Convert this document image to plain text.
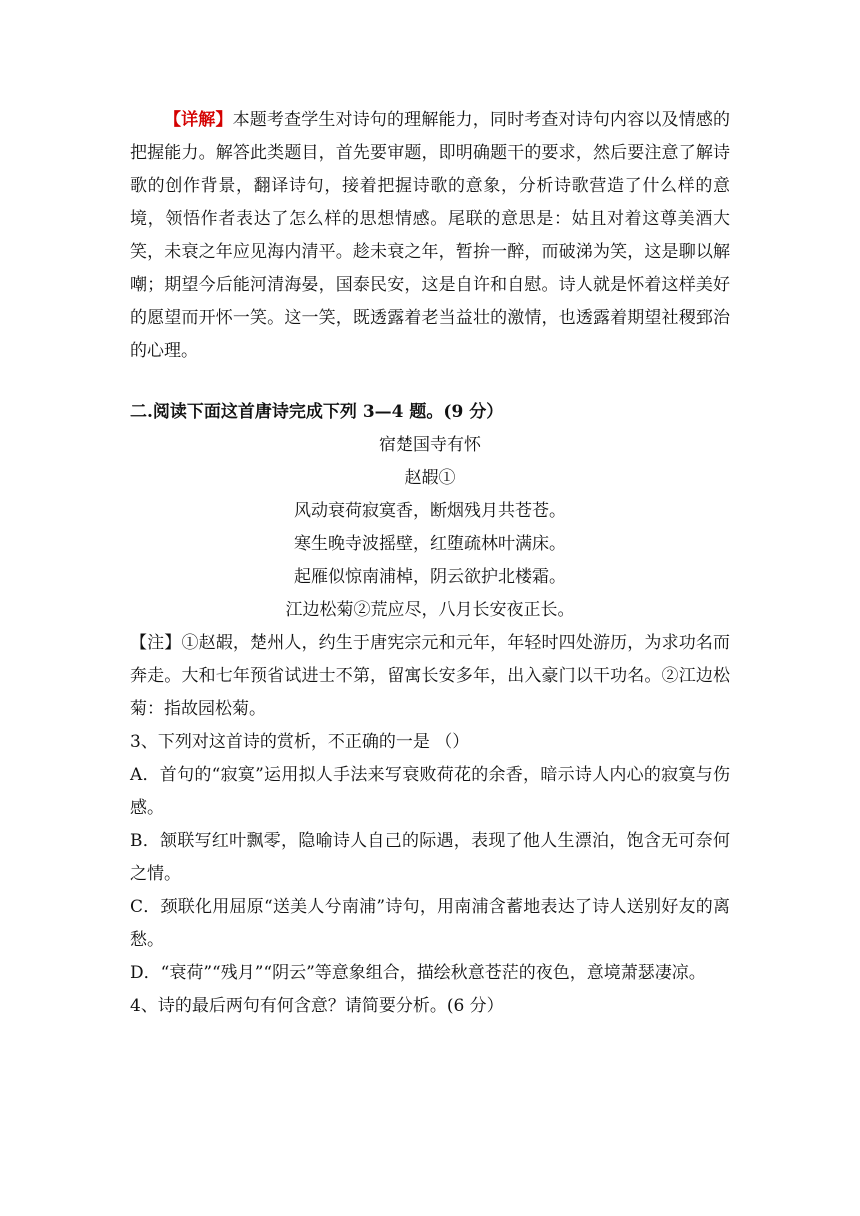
【详解】本题考查学生对诗句的理解能力，同时考查对诗句内容以及情感的把握能力。解答此类题目，首先要审题，即明确题干的要求，然后要注意了解诗歌的创作背景，翻译诗句，接着把握诗歌的意象，分析诗歌营造了什么样的意境，领悟作者表达了怎么样的思想情感。尾联的意思是：姑且对着这尊美酒大笑，未衰之年应见海内清平。趁未衰之年，暂拚一醉，而破涕为笑，这是聊以解嘲；期望今后能河清海晏，国泰民安，这是自许和自慰。诗人就是怀着这样美好的愿望而开怀一笑。这一笑，既透露着老当益壮的激情，也透露着期望社稷郅治的心理。

二.阅读下面这首唐诗完成下列 3—4 题。(9 分）

宿楚国寺有怀

赵嘏①

风动衰荷寂寞香，断烟残月共苍苍。

寒生晚寺波摇壁，红堕疏林叶满床。

起雁似惊南浦棹，阴云欲护北楼霜。

江边松菊②荒应尽，八月长安夜正长。

【注】①赵嘏，楚州人，约生于唐宪宗元和元年，年轻时四处游历，为求功名而奔走。大和七年预省试进士不第，留寓长安多年，出入豪门以干功名。②江边松菊：指故园松菊。

3、下列对这首诗的赏析，不正确的一是 （）

A．首句的“寂寞”运用拟人手法来写衰败荷花的余香，暗示诗人内心的寂寞与伤感。

B．颔联写红叶飘零，隐喻诗人自己的际遇，表现了他人生漂泊，饱含无可奈何之情。

C．颈联化用屈原“送美人兮南浦”诗句，用南浦含蓄地表达了诗人送别好友的离愁。

D．“衰荷”“残月”“阴云”等意象组合，描绘秋意苍茫的夜色，意境萧瑟凄凉。

4、诗的最后两句有何含意？请简要分析。(6 分）
